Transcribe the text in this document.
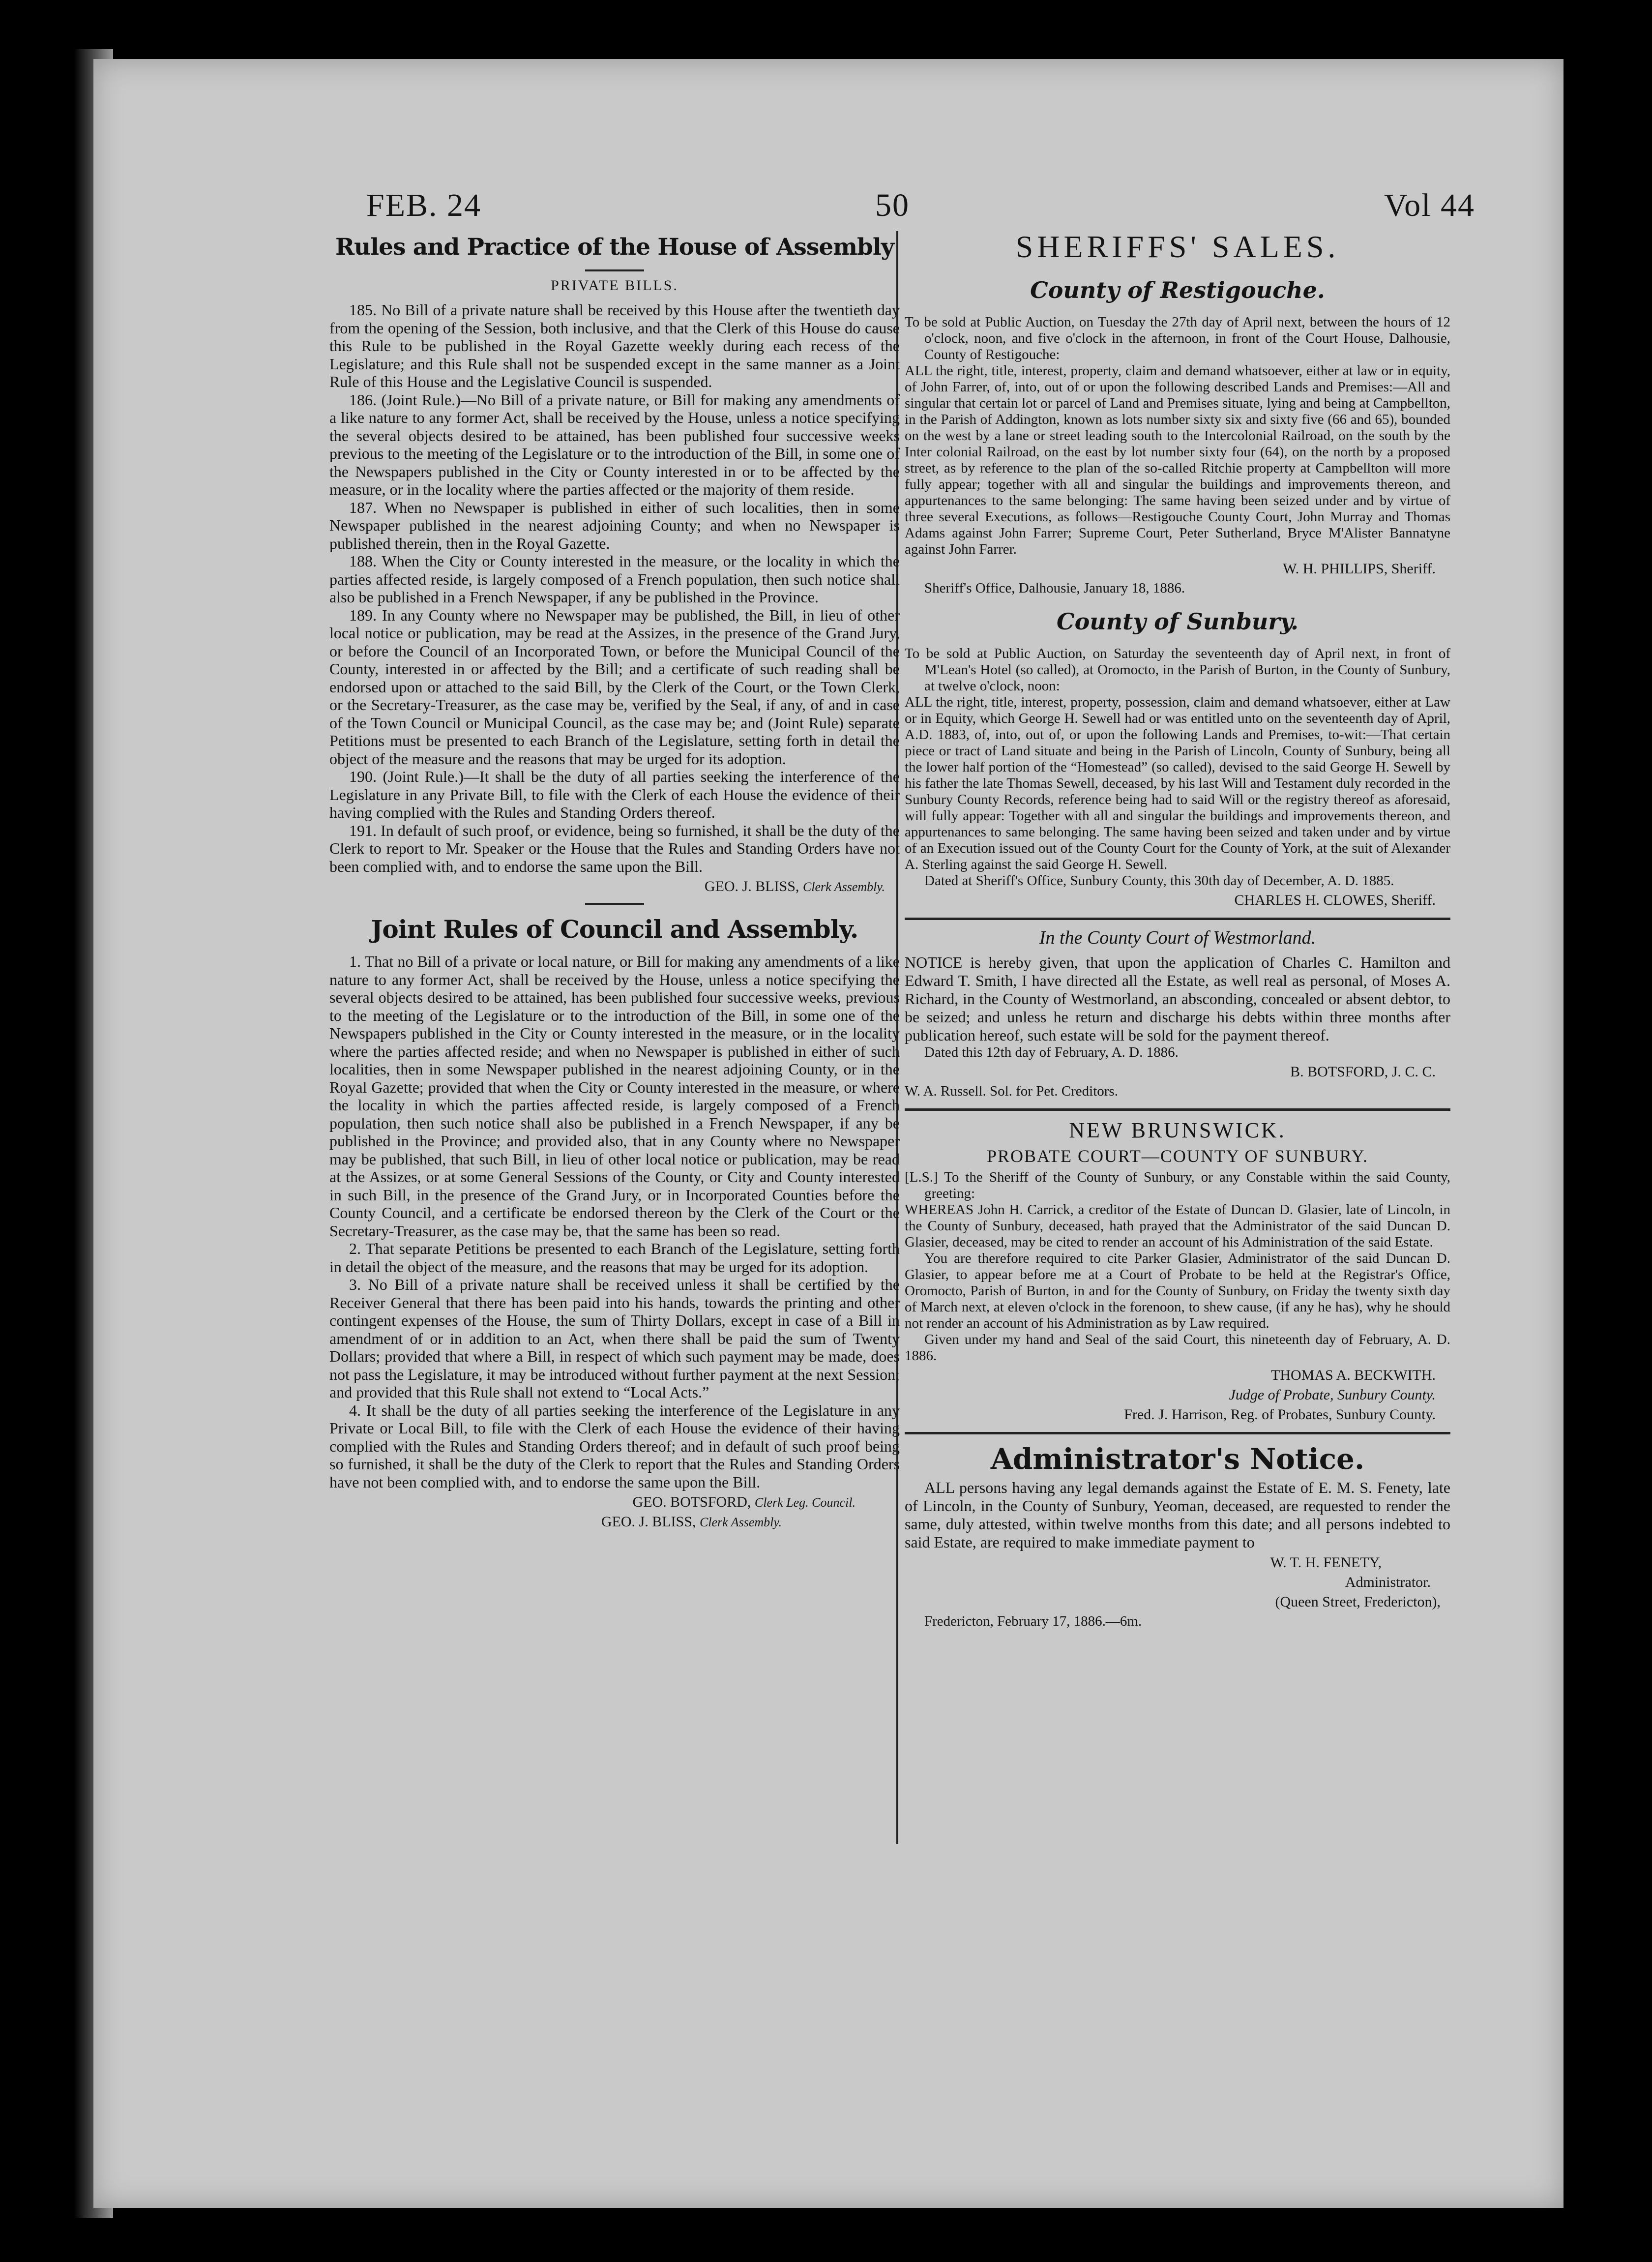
FEB. 24	50	Vol 44
Rules and Practice of the House of Assembly
PRIVATE BILLS.

185. No Bill of a private nature shall be received by this House after the twentieth day from the opening of the Session, both inclusive, and that the Clerk of this House do cause this Rule to be published in the Royal Gazette weekly during each recess of the Legislature; and this Rule shall not be suspended except in the same manner as a Joint Rule of this House and the Legislative Council is suspended.

186. (Joint Rule.)—No Bill of a private nature, or Bill for making any amendments of a like nature to any former Act, shall be received by the House, unless a notice specifying the several objects desired to be attained, has been published four successive weeks previous to the meeting of the Legislature or to the introduction of the Bill, in some one of the Newspapers published in the City or County interested in or to be affected by the measure, or in the locality where the parties affected or the majority of them reside.

187. When no Newspaper is published in either of such localities, then in some Newspaper published in the nearest adjoining County; and when no Newspaper is published therein, then in the Royal Gazette.

188. When the City or County interested in the measure, or the locality in which the parties affected reside, is largely composed of a French population, then such notice shall also be published in a French Newspaper, if any be published in the Province.

189. In any County where no Newspaper may be published, the Bill, in lieu of other local notice or publication, may be read at the Assizes, in the presence of the Grand Jury, or before the Council of an Incorporated Town, or before the Municipal Council of the County, interested in or affected by the Bill; and a certificate of such reading shall be endorsed upon or attached to the said Bill, by the Clerk of the Court, or the Town Clerk, or the Secretary-Treasurer, as the case may be, verified by the Seal, if any, of and in case of the Town Council or Municipal Council, as the case may be; and (Joint Rule) separate Petitions must be presented to each Branch of the Legislature, setting forth in detail the object of the measure and the reasons that may be urged for its adoption.

190. (Joint Rule.)—It shall be the duty of all parties seeking the interference of the Legislature in any Private Bill, to file with the Clerk of each House the evidence of their having complied with the Rules and Standing Orders thereof.

191. In default of such proof, or evidence, being so furnished, it shall be the duty of the Clerk to report to Mr. Speaker or the House that the Rules and Standing Orders have not been complied with, and to endorse the same upon the Bill.

GEO. J. BLISS, Clerk Assembly.
Joint Rules of Council and Assembly.

1. That no Bill of a private or local nature, or Bill for making any amendments of a like nature to any former Act, shall be received by the House, unless a notice specifying the several objects desired to be attained, has been published four successive weeks, previous to the meeting of the Legislature or to the introduction of the Bill, in some one of the Newspapers published in the City or County interested in the measure, or in the locality where the parties affected reside; and when no Newspaper is published in either of such localities, then in some Newspaper published in the nearest adjoining County, or in the Royal Gazette; provided that when the City or County interested in the measure, or where the locality in which the parties affected reside, is largely composed of a French population, then such notice shall also be published in a French Newspaper, if any be published in the Province; and provided also, that in any County where no Newspaper may be published, that such Bill, in lieu of other local notice or publication, may be read at the Assizes, or at some General Sessions of the County, or City and County interested in such Bill, in the presence of the Grand Jury, or in Incorporated Counties before the County Council, and a certificate be endorsed thereon by the Clerk of the Court or the Secretary-Treasurer, as the case may be, that the same has been so read.

2. That separate Petitions be presented to each Branch of the Legislature, setting forth in detail the object of the measure, and the reasons that may be urged for its adoption.

3. No Bill of a private nature shall be received unless it shall be certified by the Receiver General that there has been paid into his hands, towards the printing and other contingent expenses of the House, the sum of Thirty Dollars, except in case of a Bill in amendment of or in addition to an Act, when there shall be paid the sum of Twenty Dollars; provided that where a Bill, in respect of which such payment may be made, does not pass the Legislature, it may be introduced without further payment at the next Session; and provided that this Rule shall not extend to “Local Acts.”

4. It shall be the duty of all parties seeking the interference of the Legislature in any Private or Local Bill, to file with the Clerk of each House the evidence of their having complied with the Rules and Standing Orders thereof; and in default of such proof being so furnished, it shall be the duty of the Clerk to report that the Rules and Standing Orders have not been complied with, and to endorse the same upon the Bill.

GEO. BOTSFORD, Clerk Leg. Council.
GEO. J. BLISS, Clerk Assembly.
SHERIFFS' SALES.
County of Restigouche.

To be sold at Public Auction, on Tuesday the 27th day of April next, between the hours of 12 o'clock, noon, and five o'clock in the afternoon, in front of the Court House, Dalhousie, County of Restigouche:

ALL the right, title, interest, property, claim and demand whatsoever, either at law or in equity, of John Farrer, of, into, out of or upon the following described Lands and Premises:—All and singular that certain lot or parcel of Land and Premises situate, lying and being at Campbellton, in the Parish of Addington, known as lots number sixty six and sixty five (66 and 65), bounded on the west by a lane or street leading south to the Intercolonial Railroad, on the south by the Inter colonial Railroad, on the east by lot number sixty four (64), on the north by a proposed street, as by reference to the plan of the so-called Ritchie property at Campbellton will more fully appear; together with all and singular the buildings and improvements thereon, and appurtenances to the same belonging: The same having been seized under and by virtue of three several Executions, as follows—Restigouche County Court, John Murray and Thomas Adams against John Farrer; Supreme Court, Peter Sutherland, Bryce M'Alister Bannatyne against John Farrer.

W. H. PHILLIPS, Sheriff.

Sheriff's Office, Dalhousie, January 18, 1886.

County of Sunbury.

To be sold at Public Auction, on Saturday the seventeenth day of April next, in front of M'Lean's Hotel (so called), at Oromocto, in the Parish of Burton, in the County of Sunbury, at twelve o'clock, noon:

ALL the right, title, interest, property, possession, claim and demand whatsoever, either at Law or in Equity, which George H. Sewell had or was entitled unto on the seventeenth day of April, A.D. 1883, of, into, out of, or upon the following Lands and Premises, to-wit:—That certain piece or tract of Land situate and being in the Parish of Lincoln, County of Sunbury, being all the lower half portion of the “Homestead” (so called), devised to the said George H. Sewell by his father the late Thomas Sewell, deceased, by his last Will and Testament duly recorded in the Sunbury County Records, reference being had to said Will or the registry thereof as aforesaid, will fully appear: Together with all and singular the buildings and improvements thereon, and appurtenances to same belonging. The same having been seized and taken under and by virtue of an Execution issued out of the County Court for the County of York, at the suit of Alexander A. Sterling against the said George H. Sewell.

Dated at Sheriff's Office, Sunbury County, this 30th day of December, A. D. 1885.

CHARLES H. CLOWES, Sheriff.
In the County Court of Westmorland.

NOTICE is hereby given, that upon the application of Charles C. Hamilton and Edward T. Smith, I have directed all the Estate, as well real as personal, of Moses A. Richard, in the County of Westmorland, an absconding, concealed or absent debtor, to be seized; and unless he return and discharge his debts within three months after publication hereof, such estate will be sold for the payment thereof.

Dated this 12th day of February, A. D. 1886.

B. BOTSFORD, J. C. C.

W. A. Russell. Sol. for Pet. Creditors.

NEW BRUNSWICK.
PROBATE COURT—COUNTY OF SUNBURY.

[L.S.] To the Sheriff of the County of Sunbury, or any Constable within the said County, greeting:

WHEREAS John H. Carrick, a creditor of the Estate of Duncan D. Glasier, late of Lincoln, in the County of Sunbury, deceased, hath prayed that the Administrator of the said Duncan D. Glasier, deceased, may be cited to render an account of his Administration of the said Estate.

You are therefore required to cite Parker Glasier, Administrator of the said Duncan D. Glasier, to appear before me at a Court of Probate to be held at the Registrar's Office, Oromocto, Parish of Burton, in and for the County of Sunbury, on Friday the twenty sixth day of March next, at eleven o'clock in the forenoon, to shew cause, (if any he has), why he should not render an account of his Administration as by Law required.

Given under my hand and Seal of the said Court, this nineteenth day of February, A. D. 1886.

THOMAS A. BECKWITH.
Judge of Probate, Sunbury County.
Fred. J. Harrison, Reg. of Probates, Sunbury County.
Administrator's Notice.

ALL persons having any legal demands against the Estate of E. M. S. Fenety, late of Lincoln, in the County of Sunbury, Yeoman, deceased, are requested to render the same, duly attested, within twelve months from this date; and all persons indebted to said Estate, are required to make immediate payment to

W. T. H. FENETY,
Administrator.
(Queen Street, Fredericton),

Fredericton, February 17, 1886.—6m.
